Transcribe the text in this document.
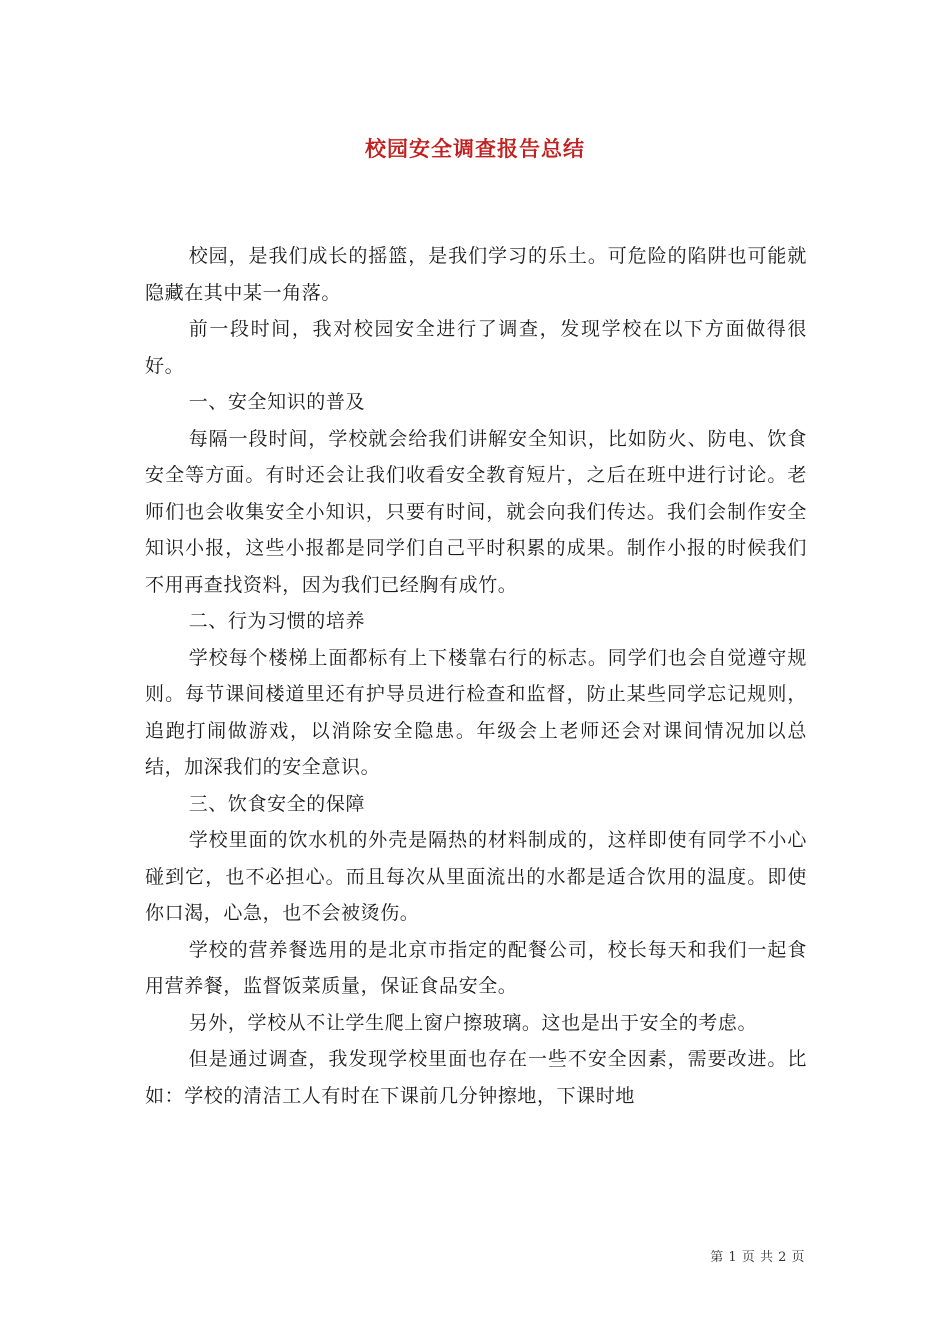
校园安全调查报告总结

校园，是我们成长的摇篮，是我们学习的乐土。可危险的陷阱也可能就隐藏在其中某一角落。

前一段时间，我对校园安全进行了调查，发现学校在以下方面做得很好。

一、安全知识的普及

每隔一段时间，学校就会给我们讲解安全知识，比如防火、防电、饮食安全等方面。有时还会让我们收看安全教育短片，之后在班中进行讨论。老师们也会收集安全小知识，只要有时间，就会向我们传达。我们会制作安全知识小报，这些小报都是同学们自己平时积累的成果。制作小报的时候我们不用再查找资料，因为我们已经胸有成竹。

二、行为习惯的培养

学校每个楼梯上面都标有上下楼靠右行的标志。同学们也会自觉遵守规则。每节课间楼道里还有护导员进行检查和监督，防止某些同学忘记规则，追跑打闹做游戏，以消除安全隐患。年级会上老师还会对课间情况加以总结，加深我们的安全意识。

三、饮食安全的保障

学校里面的饮水机的外壳是隔热的材料制成的，这样即使有同学不小心碰到它，也不必担心。而且每次从里面流出的水都是适合饮用的温度。即使你口渴，心急，也不会被烫伤。

学校的营养餐选用的是北京市指定的配餐公司，校长每天和我们一起食用营养餐，监督饭菜质量，保证食品安全。

另外，学校从不让学生爬上窗户擦玻璃。这也是出于安全的考虑。

但是通过调查，我发现学校里面也存在一些不安全因素，需要改进。比如：学校的清洁工人有时在下课前几分钟擦地，下课时地

第 1 页 共 2 页
